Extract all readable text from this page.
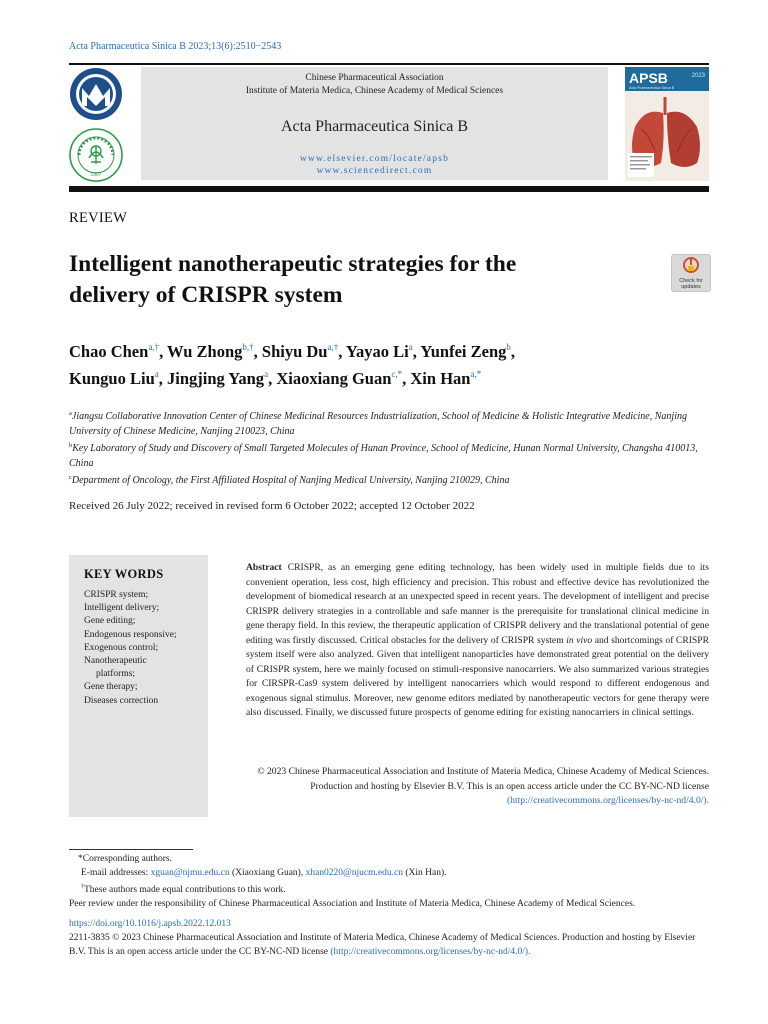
Acta Pharmaceutica Sinica B 2023;13(6):2510−2543
1907
Chinese Pharmaceutical Association
Institute of Materia Medica, Chinese Academy of Medical Sciences
Acta Pharmaceutica Sinica B
www.elsevier.com/locate/apsb
www.sciencedirect.com
APSB	2023
Acta Pharmaceutica Sinica B
REVIEW
Intelligent nanotherapeutic strategies for the
delivery of CRISPR system
Check for
updates
Chao Chen$^{a,\dagger}$, Wu Zhong$^{b,\dagger}$, Shiyu $Du^{a,\dagger}$, Yayao Li$^a$, Yunfei Zeng$^b$,
Kunguo Liu$^a$, Jingjing Yang$^a$, Xiaoxiang Guan$^{c,*}$, Xin Han$^{a,*}$
$^a$Jiangsu Collaborative Innovation Center of Chinese Medicinal Resources Industrialization, School of Medicine & Holistic Integrative Medicine, Nanjing University of Chinese Medicine, Nanjing 210023, China
$^b$Key Laboratory of Study and Discovery of Small Targeted Molecules of Hunan Province, School of Medicine, Hunan Normal University, Changsha 410013, China
$^c$Department of Oncology, the First Affiliated Hospital of Nanjing Medical University, Nanjing 210029, China
Received 26 July 2022; received in revised form 6 October 2022; accepted 12 October 2022
KEY WORDS
CRISPR system;
Intelligent delivery;
Gene editing;
Endogenous responsive;
Exogenous control;
Nanotherapeutic
platforms;
Gene therapy;
Diseases correction
Abstract CRISPR, as an emerging gene editing technology, has been widely used in multiple fields due to its convenient operation, less cost, high efficiency and precision. This robust and effective device has revolutionized the development of biomedical research at an unexpected speed in recent years. The development of intelligent and precise CRISPR delivery strategies in a controllable and safe manner is the prerequisite for translational clinical medicine in gene therapy field. In this review, the therapeutic application of CRISPR delivery and the translational potential of gene editing was firstly discussed. Critical obstacles for the delivery of CRISPR system in vivo and shortcomings of CRISPR system itself were also analyzed. Given that intelligent nanoparticles have demonstrated great potential on the delivery of CRISPR system, here we mainly focused on stimuli-responsive nanocarriers. We also summarized various strategies for CIRSPR-Cas9 system delivered by intelligent nanocarriers which would respond to different endogenous and exogenous signal stimulus. Moreover, new genome editors mediated by nanotherapeutic vectors for gene therapy were also discussed. Finally, we discussed future prospects of genome editing for existing nanocarriers in clinical settings.
© 2023 Chinese Pharmaceutical Association and Institute of Materia Medica, Chinese Academy of Medical Sciences. Production and hosting by Elsevier B.V. This is an open access article under the CC BY-NC-ND license (http://creativecommons.org/licenses/by-nc-nd/4.0/).
*Corresponding authors.
E-mail addresses: xguan@njmu.edu.cn (Xiaoxiang Guan), xhan0220@njucm.edu.cn (Xin Han).
†These authors made equal contributions to this work.
Peer review under the responsibility of Chinese Pharmaceutical Association and Institute of Materia Medica, Chinese Academy of Medical Sciences.
https://doi.org/10.1016/j.apsb.2022.12.013
2211-3835 © 2023 Chinese Pharmaceutical Association and Institute of Materia Medica, Chinese Academy of Medical Sciences. Production and hosting by Elsevier B.V. This is an open access article under the CC BY-NC-ND license (http://creativecommons.org/licenses/by-nc-nd/4.0/).
